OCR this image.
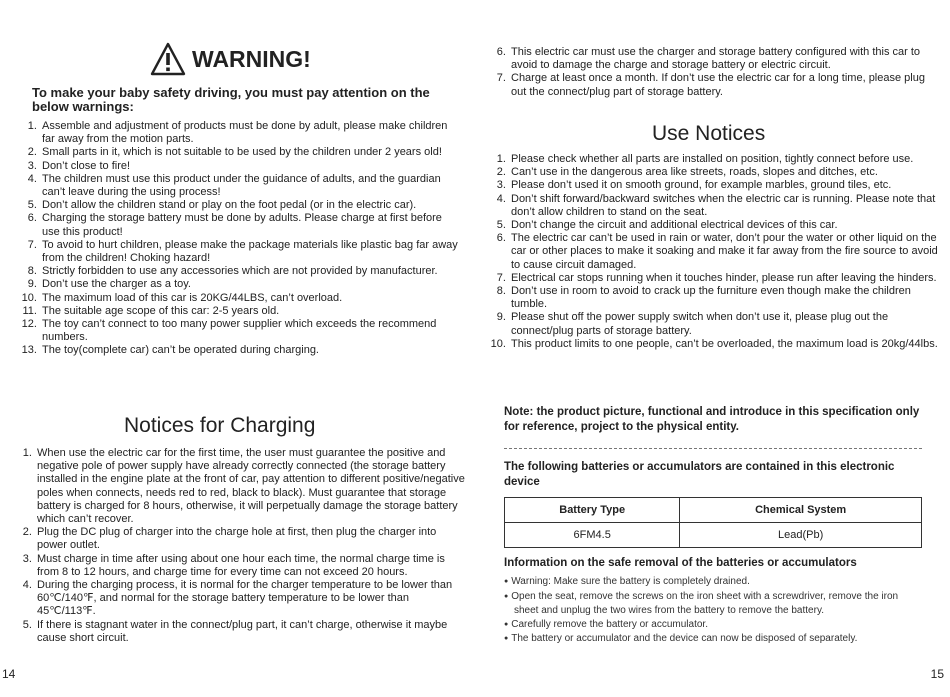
WARNING!
To make your baby safety driving, you must pay attention on the below warnings:
1. Assemble and adjustment of products must be done by adult, please make children far away from the motion parts.
2. Small parts in it, which is not suitable to be used by the children under 2 years old!
3. Don’t close to fire!
4. The children must use this product under the guidance of adults, and the guardian can’t leave during the using process!
5. Don’t allow the children stand or play on the foot pedal (or in the electric car).
6. Charging the storage battery must be done by adults. Please charge at first before use this product!
7. To avoid to hurt children, please make the package materials like plastic bag far away from the children! Choking hazard!
8. Strictly forbidden to use any accessories which are not provided by manufacturer.
9. Don’t use the charger as a toy.
10. The maximum load of this car is 20KG/44LBS, can’t overload.
11. The suitable age scope of this car: 2-5 years old.
12. The toy can’t connect to too many power supplier which exceeds the recommend numbers.
13. The toy(complete car) can’t be operated during charging.
Notices for Charging
1. When use the electric car for the first time, the user must guarantee the positive and negative pole of power supply have already correctly connected (the storage battery installed in the engine plate at the front of car, pay attention to different positive/negative poles when connects, needs red to red, black to black). Must guarantee that storage battery is charged for 8 hours, otherwise, it will perpetually damage the storage battery which can’t recover.
2. Plug the DC plug of charger into the charge hole at first, then plug the charger into power outlet.
3. Must charge in time after using about one hour each time, the normal charge time is from 8 to 12 hours, and charge time for every time can not exceed 20 hours.
4. During the charging process, it is normal for the charger temperature to be lower than 60℃/140℉, and normal for the storage battery temperature to be lower than 45℃/113℉.
5. If there is stagnant water in the connect/plug part, it can’t charge, otherwise it maybe cause short circuit.
14
6. This electric car must use the charger and storage battery configured with this car to avoid to damage the charge and storage battery or electric circuit.
7. Charge at least once a month. If don’t use the electric car for a long time, please plug out the connect/plug part of storage battery.
Use Notices
1. Please check whether all parts are installed on position, tightly connect before use.
2. Can’t use in the dangerous area like streets, roads, slopes and ditches, etc.
3. Please don’t used it on smooth ground, for example marbles, ground tiles, etc.
4. Don’t shift forward/backward switches when the electric car is running. Please note that don’t allow children to stand on the seat.
5. Don’t change the circuit and additional electrical devices of this car.
6. The electric car can’t be used in rain or water, don’t pour the water or other liquid on the car or other places to make it soaking and make it far away from the fire source to avoid to cause circuit damaged.
7. Electrical car stops running when it touches hinder, please run after leaving the hinders.
8. Don’t use in room to avoid to crack up the furniture even though make the children tumble.
9. Please shut off the power supply switch when don’t use it, please plug out the connect/plug parts of storage battery.
10. This product limits to one people, can’t be overloaded, the maximum load is 20kg/44lbs.
Note: the product picture, functional and introduce in this specification only for reference, project to the physical entity.
The following batteries or accumulators are contained in this electronic device
Battery Type	Chemical System
6FM4.5	Lead(Pb)
Information on the safe removal of the batteries or accumulators
● Warning: Make sure the battery is completely drained.
● Open the seat, remove the screws on the iron sheet with a screwdriver, remove the iron sheet and unplug the two wires from the battery to remove the battery.
● Carefully remove the battery or accumulator.
● The battery or accumulator and the device can now be disposed of separately.
15
